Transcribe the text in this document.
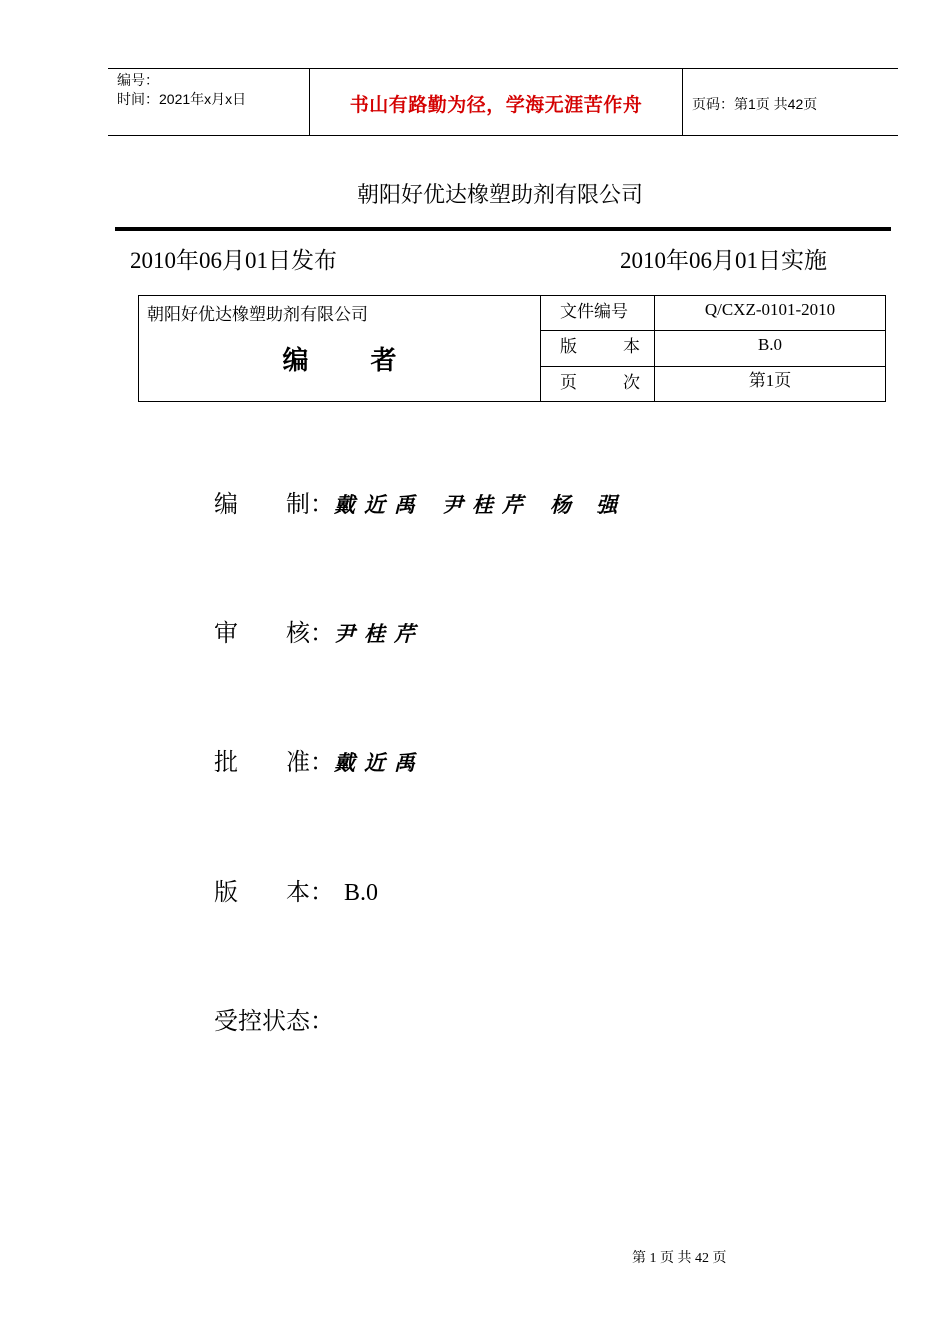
编号：
时间：2021年x月x日	书山有路勤为径，学海无涯苦作舟	页码：第1页 共42页
朝阳好优达橡塑助剂有限公司
2010年06月01日发布	2010年06月01日实施
朝阳好优达橡塑助剂有限公司
编者	文件编号	Q/CXZ-0101-2010
	版 本	B.0
	页 次	第1页
编 制：戴近禹 尹桂芹 杨 强
审 核：尹桂芹
批 准：戴近禹
版 本： B.0
受控状态：
第 1 页 共 42 页
